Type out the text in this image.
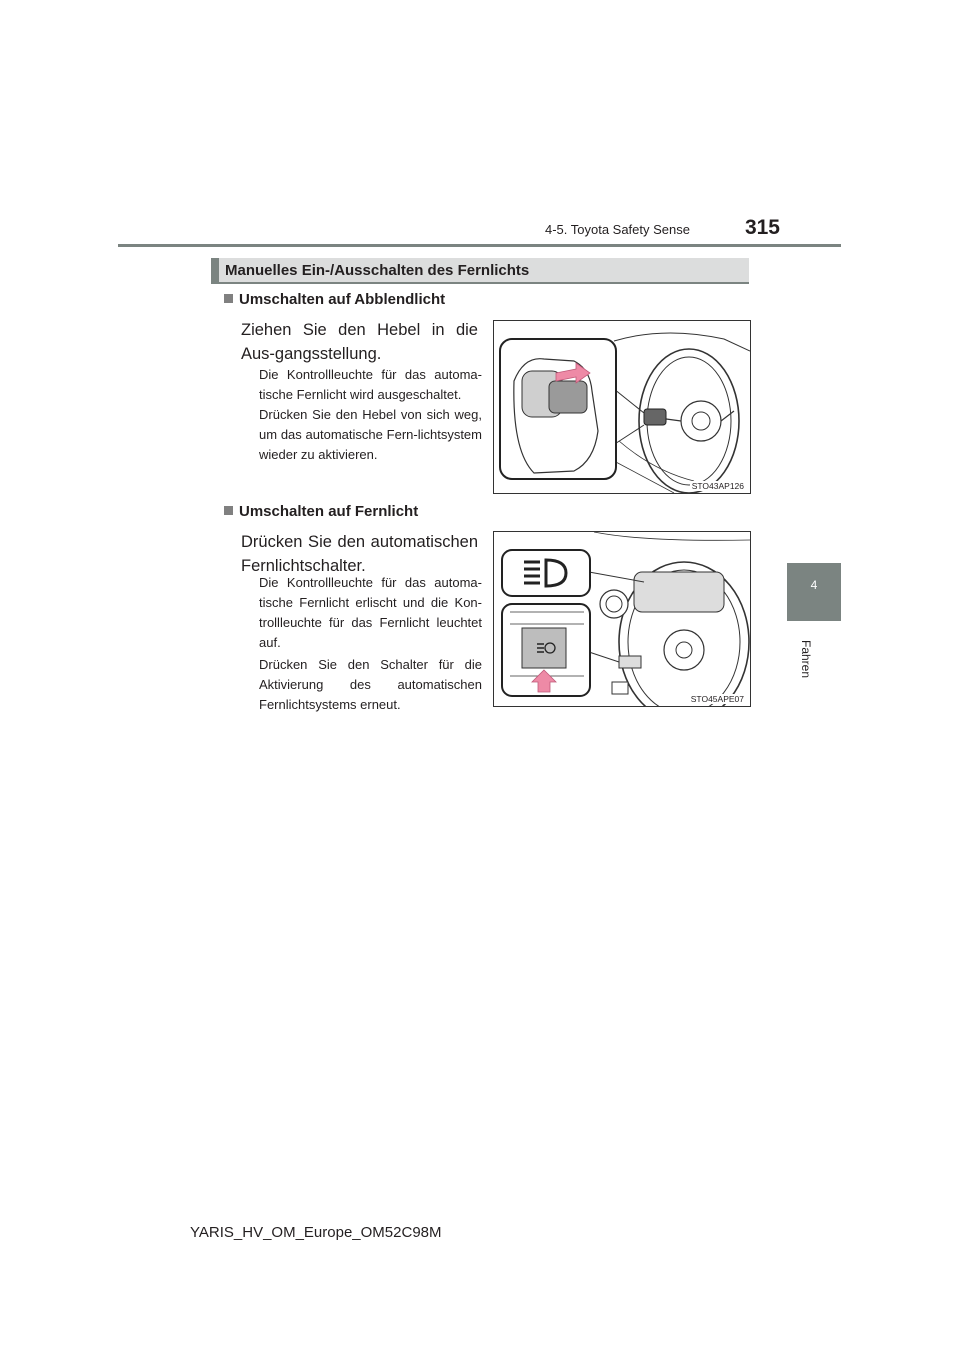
4-5. Toyota Safety Sense	315
4
Fahren
Manuelles Ein-/Ausschalten des Fernlichts
Umschalten auf Abblendlicht
Ziehen Sie den Hebel in die Aus-gangsstellung.
Die Kontrollleuchte für das automa-tische Fernlicht wird ausgeschaltet.
Drücken Sie den Hebel von sich weg, um das automatische Fern-lichtsystem wieder zu aktivieren.
STO43AP126
Umschalten auf Fernlicht
Drücken Sie den automatischen Fernlichtschalter.
Die Kontrollleuchte für das automa-tische Fernlicht erlischt und die Kon-trollleuchte für das Fernlicht leuchtet auf.
Drücken Sie den Schalter für die Aktivierung des automatischen Fernlichtsystems erneut.	STO45APE07
YARIS_HV_OM_Europe_OM52C98M
